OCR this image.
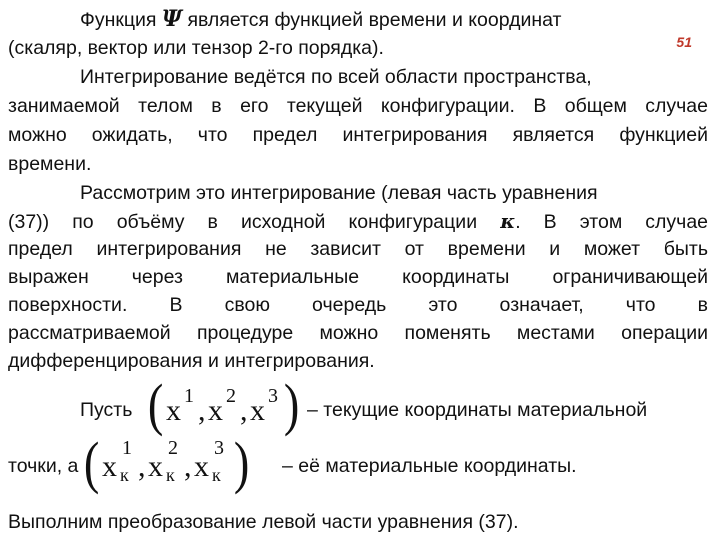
51
Функция Ψ является функцией времени и координат
(скаляр, вектор или тензор 2-го порядка).
Интегрирование ведётся по всей области пространства,
занимаемой телом в его текущей конфигурации. В общем случае
можно ожидать, что предел интегрирования является функцией
времени.
Рассмотрим это интегрирование (левая часть уравнения
(37)) по объёму в исходной конфигурации κ. В этом случае
предел интегрирования не зависит от времени и может быть
выражен через материальные координаты ограничивающей
поверхности. В свою очередь это означает, что в
рассматриваемой процедуре можно поменять местами операции
дифференцирования и интегрирования.
Пусть ( x 1 , x 2 , x 3 ) – текущие координаты материальной
точки, а ( x
1
к , x
2
к , x
3
к ) – её материальные координаты.
Выполним преобразование левой части уравнения (37).
